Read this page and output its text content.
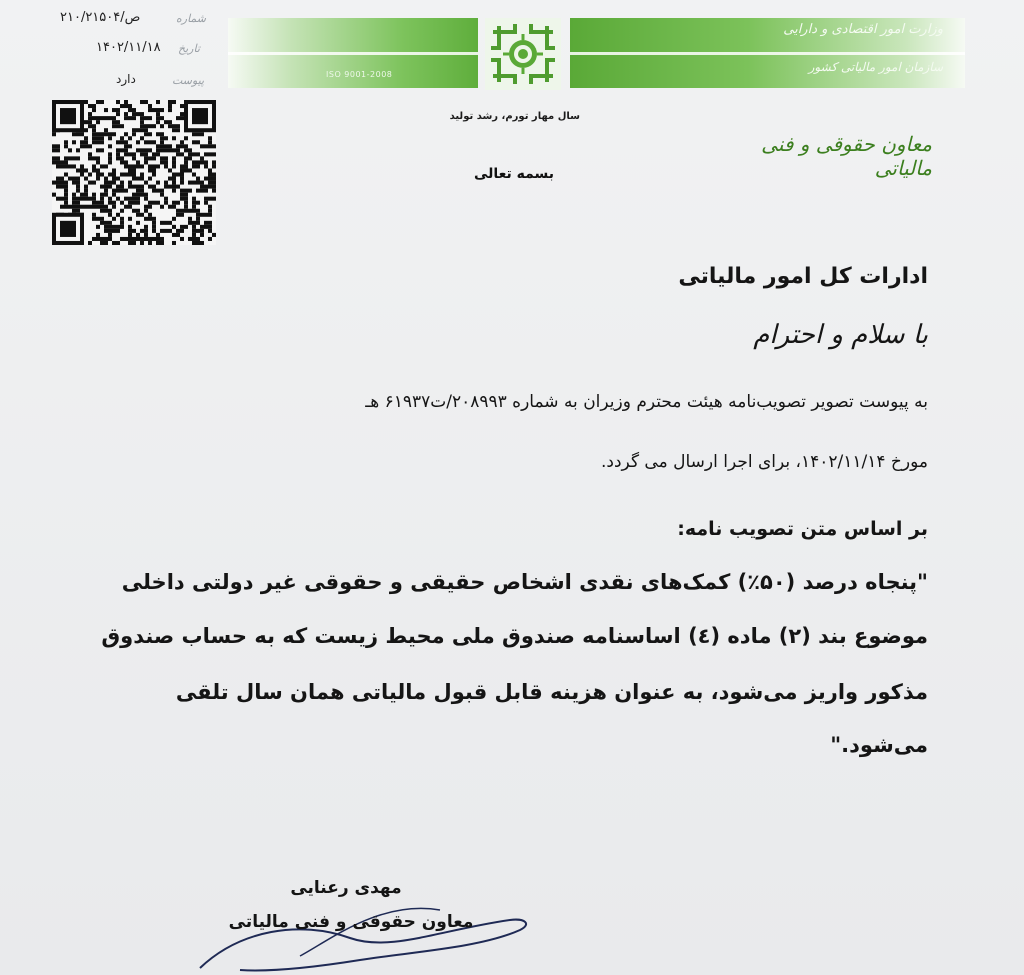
ISO 9001-2008
وزارت امور اقتصادی و دارایی
سازمان امور مالیاتی کشور
۲۱۰/۲۱۵۰۴/ص	شماره
۱۴۰۲/۱۱/۱۸ تاریخ
دارد	پیوست
سال مهار تورم، رشد تولید
بسمه تعالی
معاون حقوقی و فنی مالیاتی
ادارات کل امور مالیاتی
با سلام و احترام
به پیوست تصویر تصویب‌نامه هیئت محترم وزیران به شماره ۲۰۸۹۹۳/ت۶۱۹۳۷ هـ
مورخ ۱۴۰۲/۱۱/۱۴، برای اجرا ارسال می گردد.
بر اساس متن تصویب نامه:
"پنجاه درصد (۵۰٪) کمک‌های نقدی اشخاص حقیقی و حقوقی غیر دولتی داخلی
موضوع بند (۲) ماده (٤) اساسنامه صندوق ملی محیط زیست که به حساب صندوق
مذکور واریز می‌شود، به عنوان هزینه قابل قبول مالیاتی همان سال تلقی
می‌شود."
مهدی رعنایی
معاون حقوقی و فنی مالیاتی
